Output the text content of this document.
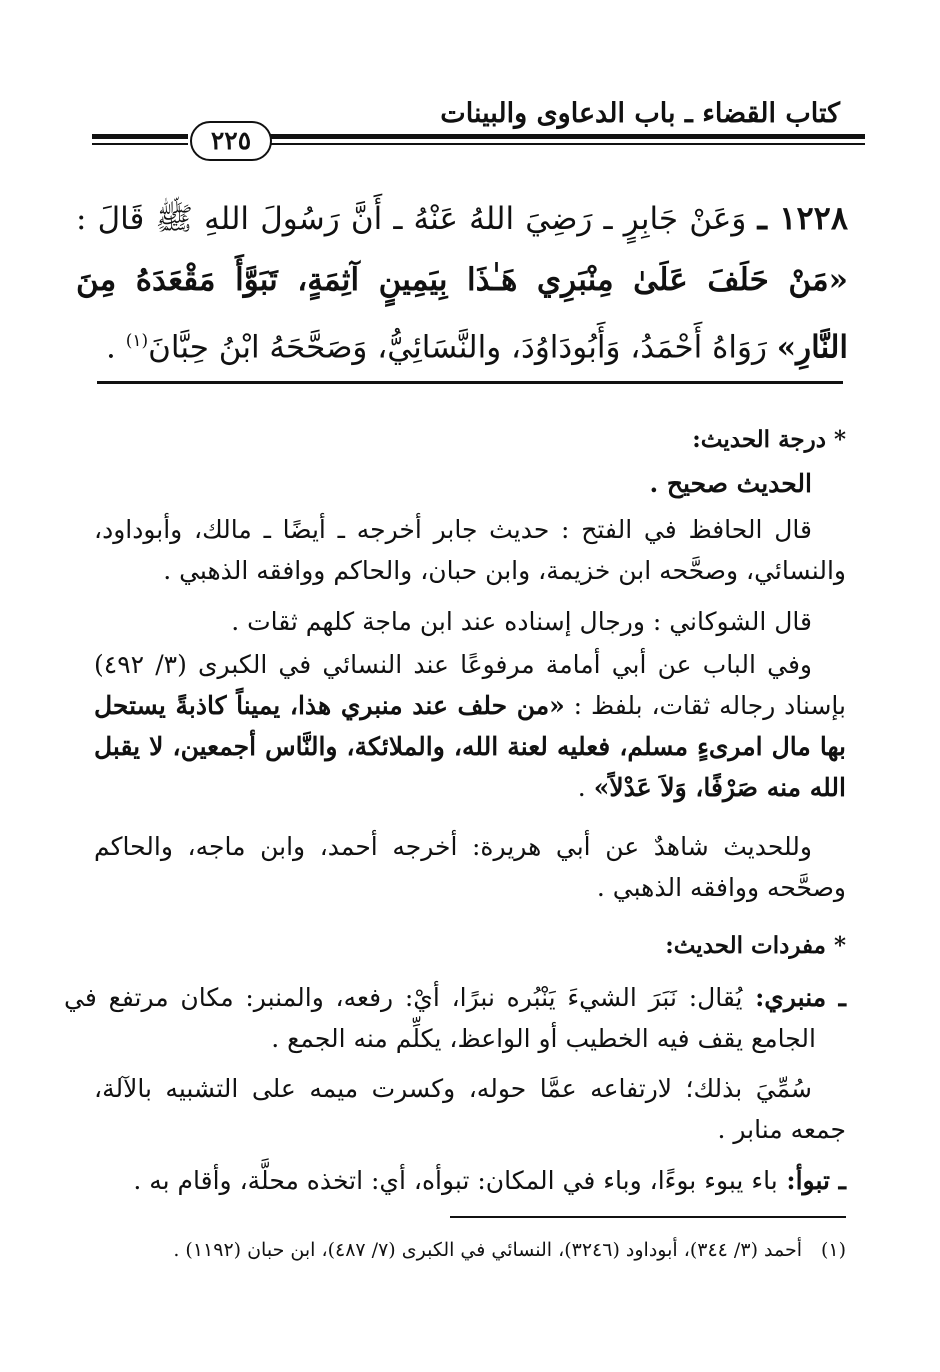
كتاب القضاء ـ باب الدعاوى والبينات
٢٢٥
١٢٢٨ ـ وَعَنْ جَابِرٍ ـ رَضِيَ اللهُ عَنْهُ ـ أَنَّ رَسُولَ اللهِ ﷺ قَالَ : «مَنْ حَلَفَ عَلَىٰ مِنْبَرِي هَـٰذَا بِيَمِينٍ آثِمَةٍ، تَبَوَّأَ مَقْعَدَهُ مِنَ النَّارِ» رَوَاهُ أَحْمَدُ، وَأَبُودَاوُدَ، والنَّسَائِيُّ، وَصَحَّحَهُ ابْنُ حِبَّانَ$^{(١)}$ .
* درجة الحديث:
الحديث صحيح .
قال الحافظ في الفتح : حديث جابر أخرجه ـ أيضًا ـ مالك، وأبوداود، والنسائي، وصحَّحه ابن خزيمة، وابن حبان، والحاكم ووافقه الذهبي .
قال الشوكاني : ورجال إسناده عند ابن ماجة كلهم ثقات .
وفي الباب عن أبي أمامة مرفوعًا عند النسائي في الكبرى (٣/ ٤٩٢) بإسناد رجاله ثقات، بلفظ : «من حلف عند منبري هذا، يميناً كاذبةً يستحل بها مال امرىءٍ مسلم، فعليه لعنة الله، والملائكة، والنَّاس أجمعين، لا يقبل الله منه صَرْفًا، وَلاَ عَدْلاً» .
وللحديث شاهدٌ عن أبي هريرة: أخرجه أحمد، وابن ماجه، والحاكم وصحَّحه ووافقه الذهبي .
* مفردات الحديث:
ـ منبري: يُقال: نَبَرَ الشيءَ يَنْبُره نبرًا، أيْ: رفعه، والمنبر: مكان مرتفع في الجامع يقف فيه الخطيب أو الواعظ، يكلِّم منه الجمع .
سُمِّيَ بذلك؛ لارتفاعه عمَّا حوله، وكسرت ميمه على التشبيه بالآلة، جمعه منابر .
ـ تبوأ: باء يبوء بوءًا، وباء في المكان: تبوأه، أي: اتخذه محلَّة، وأقام به .
(١)أحمد (٣/ ٣٤٤)، أبوداود (٣٢٤٦)، النسائي في الكبرى (٧/ ٤٨٧)، ابن حبان (١١٩٢) .
